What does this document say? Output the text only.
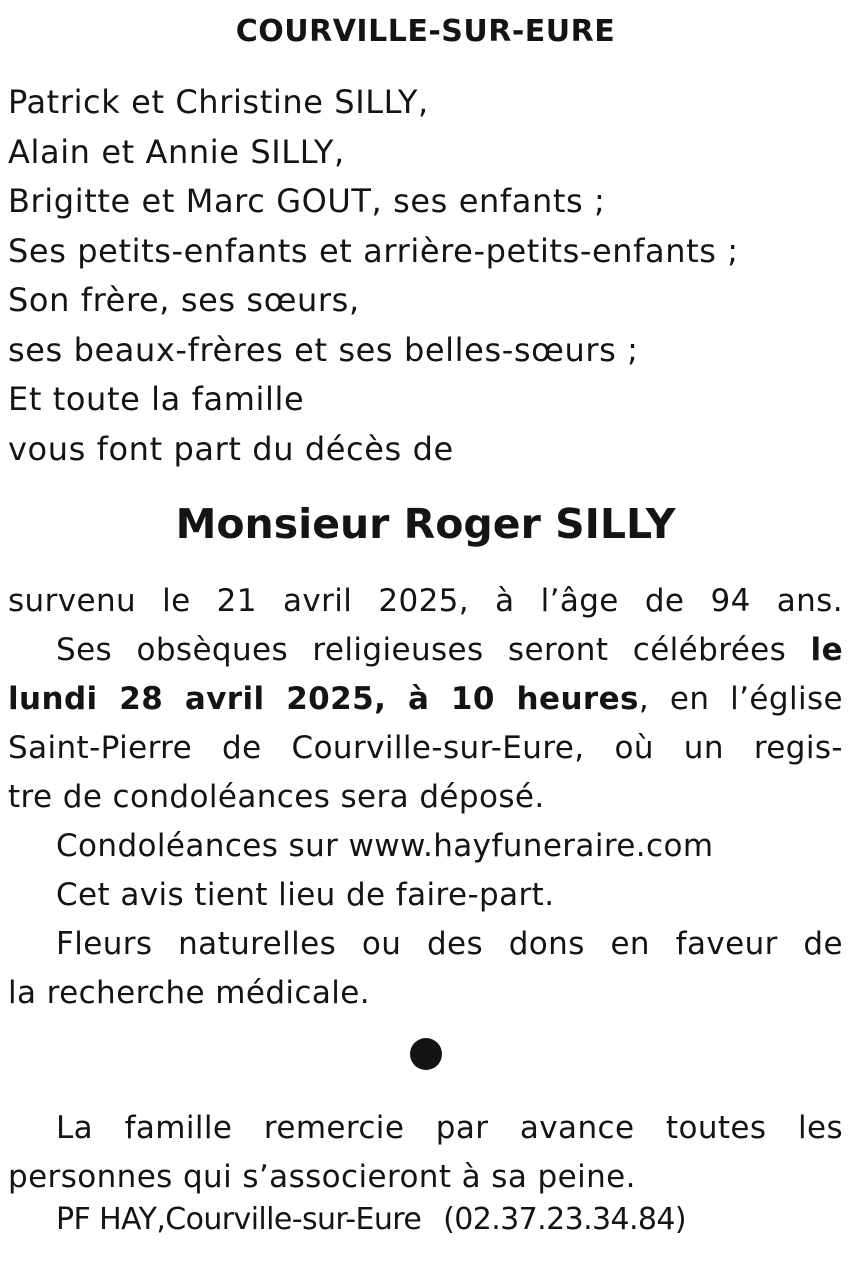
COURVILLE-SUR-EURE
Patrick et Christine SILLY,
Alain et Annie SILLY,
Brigitte et Marc GOUT, ses enfants ;
Ses petits-enfants et arrière-petits-enfants ;
Son frère, ses sœurs,
ses beaux-frères et ses belles-sœurs ;
Et toute la famille
vous font part du décès de
Monsieur Roger SILLY
survenu le 21 avril 2025, à l’âge de 94 ans.
Ses obsèques religieuses seront célébrées le
lundi 28 avril 2025, à 10 heures, en l’église
Saint-Pierre de Courville-sur-Eure, où un regis-
tre de condoléances sera déposé.
Condoléances sur www.hayfuneraire.com
Cet avis tient lieu de faire-part.
Fleurs naturelles ou des dons en faveur de
la recherche médicale.
La famille remercie par avance toutes les
personnes qui s’associeront à sa peine.
PF HAY,Courville-sur-Eure (02.37.23.34.84)
